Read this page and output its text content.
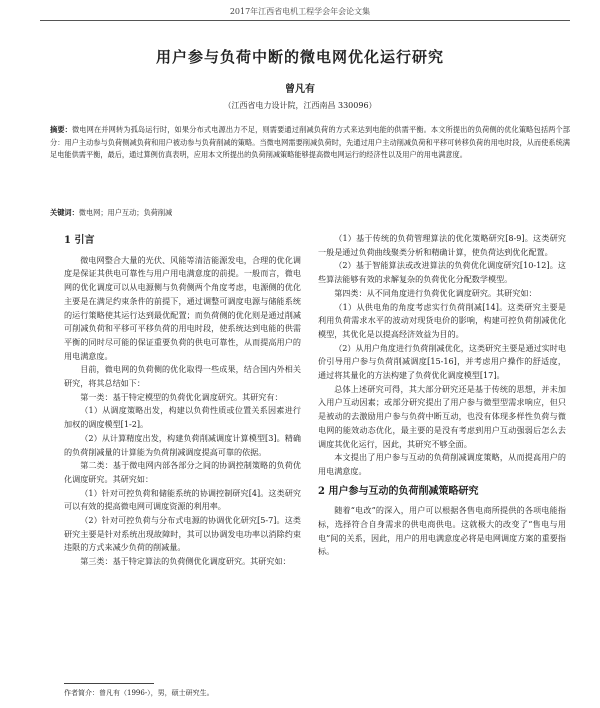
2017年江西省电机工程学会年会论文集
用户参与负荷中断的微电网优化运行研究
曾凡有
（江西省电力设计院，江西南昌 330096）
摘要：微电网在并网转为孤岛运行时，如果分布式电源出力不足，则需要通过削减负荷的方式来达到电能的供需平衡。本文所提出的负荷侧的优化策略包括两个部分：用户主动参与负荷侧减负荷和用户被动参与负荷削减的策略。当微电网需要削减负荷时，先通过用户主动削减负荷和平移可转移负荷的用电时段，从而使系统满足电能供需平衡，最后，通过算例仿真表明，应用本文所提出的负荷削减策略能够提高微电网运行的经济性以及用户的用电满意度。
关键词：微电网；用户互动；负荷削减

1 引言

微电网整合大量的光伏、风能等清洁能源发电，合理的优化调度是保证其供电可靠性与用户用电满意度的前提。一般而言，微电网的优化调度可以从电源侧与负荷侧两个角度考虑，电源侧的优化主要是在满足约束条件的前提下，通过调整可调度电源与储能系统的运行策略使其运行达到最优配置；而负荷侧的优化则是通过削减可削减负荷和平移可平移负荷的用电时段，使系统达到电能的供需平衡的同时尽可能的保证重要负荷的供电可靠性，从而提高用户的用电满意度。

目前，微电网的负荷侧的优化取得一些成果，结合国内外相关研究，将其总结如下：

第一类：基于特定模型的负荷优化调度研究。其研究有：

（1）从调度策略出发，构建以负荷性质或位置关系因素进行加权的调度模型[1-2]。

（2）从计算精度出发，构建负荷削减调度计算模型[3]。精确的负荷削减量的计算能为负荷削减调度提高可靠的依据。

第二类：基于微电网内部各部分之间的协调控制策略的负荷优化调度研究。其研究如：

（1）针对可控负荷和储能系统的协调控制研究[4]。这类研究可以有效的提高微电网可调度资源的利用率。

（2）针对可控负荷与分布式电源的协调优化研究[5-7]。这类研究主要是针对系统出现故障时，其可以协调发电功率以消除约束违限的方式来减少负荷的削减量。

第三类：基于特定算法的负荷侧优化调度研究。其研究如：

（1）基于传统的负荷管理算法的优化策略研究[8-9]。这类研究一般是通过负荷曲线聚类分析和精确计算，使负荷达到优化配置。

（2）基于智能算法或改进算法的负荷优化调度研究[10-12]。这些算法能够有效的求解复杂的负荷优化分配数学模型。

第四类：从不同角度进行负荷优化调度研究。其研究如：

（1）从供电角的角度考虑实行负荷削减[14]。这类研究主要是利用负荷需求水平的波动对现货电价的影响，构建可控负荷削减优化模型，其优化是以提高经济效益为目的。

（2）从用户角度进行负荷削减优化，这类研究主要是通过实时电价引导用户参与负荷削减调度[15-16]，并考虑用户操作的舒适度，通过将其量化的方法构建了负荷优化调度模型[17]。

总体上述研究可得，其大部分研究还是基于传统的思想，并未加入用户互动因素；或部分研究提出了用户参与微型型需求响应，但只是被动的去激励用户参与负荷中断互动，也没有体现多样性负荷与微电网的能效动态优化，最主要的是没有考虑到用户互动强弱后怎么去调度其优化运行，因此，其研究不够全面。

本文提出了用户参与互动的负荷削减调度策略，从而提高用户的用电满意度。

2 用户参与互动的负荷削减策略研究

随着“电改”的深入，用户可以根据各售电商所提供的各项电能指标，选择符合自身需求的供电商供电。这就极大的改变了“售电与用电”间的关系，因此，用户的用电满意度必将是电网调度方案的重要指标。

作者简介：曾凡有（1996-），男，硕士研究生。
